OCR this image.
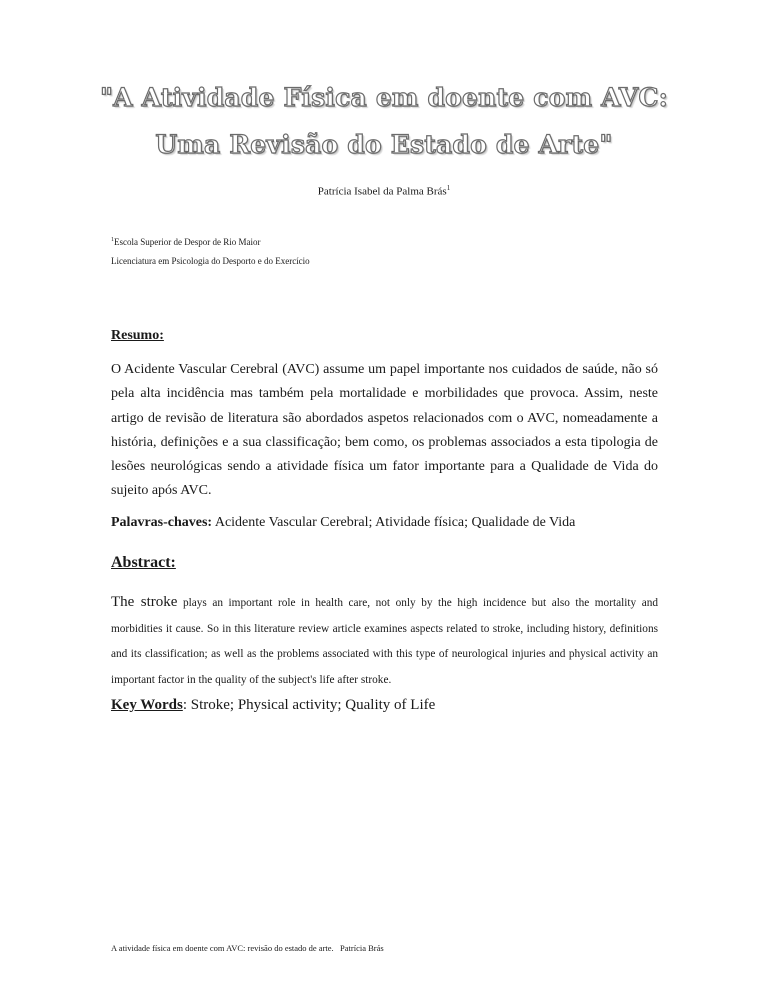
"A Atividade Física em doente com AVC:
Uma Revisão do Estado de Arte"
Patrícia Isabel da Palma Brás$^1$
$^1$Escola Superior de Despor de Rio Maior
Licenciatura em Psicologia do Desporto e do Exercício
Resumo:

O Acidente Vascular Cerebral (AVC) assume um papel importante nos cuidados de saúde, não só pela alta incidência mas também pela mortalidade e morbilidades que provoca. Assim, neste artigo de revisão de literatura são abordados aspetos relacionados com o AVC, nomeadamente a história, definições e a sua classificação; bem como, os problemas associados a esta tipologia de lesões neurológicas sendo a atividade física um fator importante para a Qualidade de Vida do sujeito após AVC.

Palavras-chaves: Acidente Vascular Cerebral; Atividade física; Qualidade de Vida
Abstract:

The stroke plays an important role in health care, not only by the high incidence but also the mortality and morbidities it cause. So in this literature review article examines aspects related to stroke, including history, definitions and its classification; as well as the problems associated with this type of neurological injuries and physical activity an important factor in the quality of the subject's life after stroke.

Key Words: Stroke; Physical activity; Quality of Life
A atividade física em doente com AVC: revisão do estado de arte. Patrícia Brás
